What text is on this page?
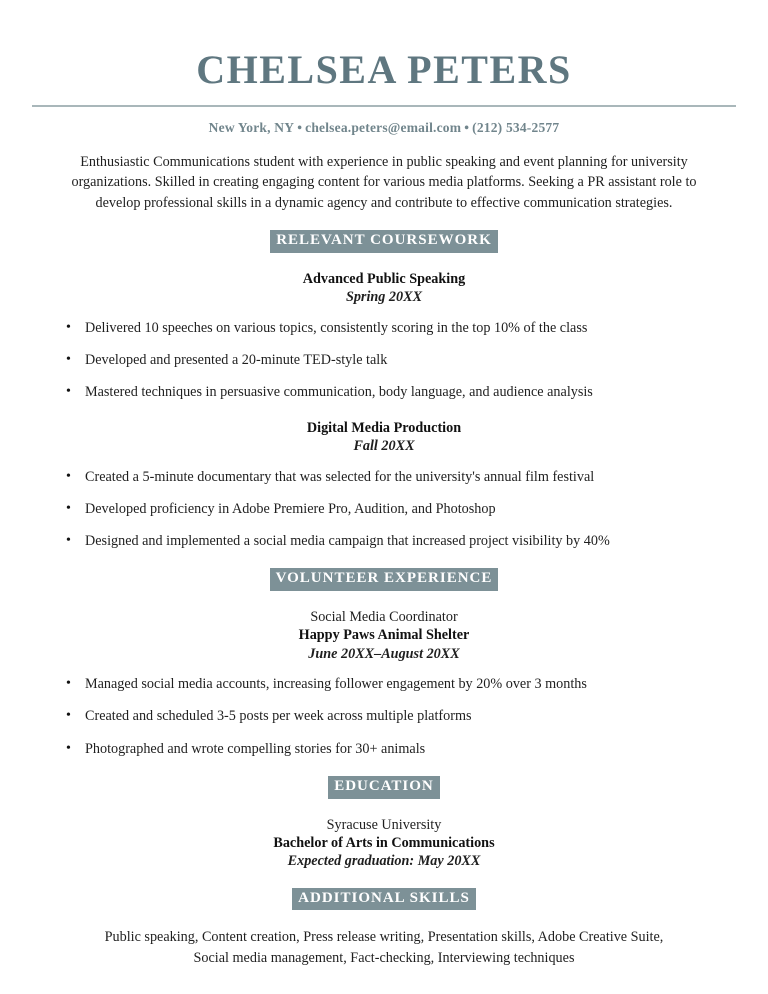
CHELSEA PETERS
New York, NY • chelsea.peters@email.com • (212) 534-2577

Enthusiastic Communications student with experience in public speaking and event planning for university organizations. Skilled in creating engaging content for various media platforms. Seeking a PR assistant role to develop professional skills in a dynamic agency and contribute to effective communication strategies.

RELEVANT COURSEWORK
Advanced Public Speaking
Spring 20XX
• Delivered 10 speeches on various topics, consistently scoring in the top 10% of the class
• Developed and presented a 20-minute TED-style talk
• Mastered techniques in persuasive communication, body language, and audience analysis
Digital Media Production
Fall 20XX
• Created a 5-minute documentary that was selected for the university's annual film festival
• Developed proficiency in Adobe Premiere Pro, Audition, and Photoshop
• Designed and implemented a social media campaign that increased project visibility by 40%
VOLUNTEER EXPERIENCE
Social Media Coordinator
Happy Paws Animal Shelter
June 20XX–August 20XX
• Managed social media accounts, increasing follower engagement by 20% over 3 months
• Created and scheduled 3-5 posts per week across multiple platforms
• Photographed and wrote compelling stories for 30+ animals
EDUCATION
Syracuse University
Bachelor of Arts in Communications
Expected graduation: May 20XX
ADDITIONAL SKILLS
Public speaking, Content creation, Press release writing, Presentation skills, Adobe Creative Suite,
Social media management, Fact-checking, Interviewing techniques
